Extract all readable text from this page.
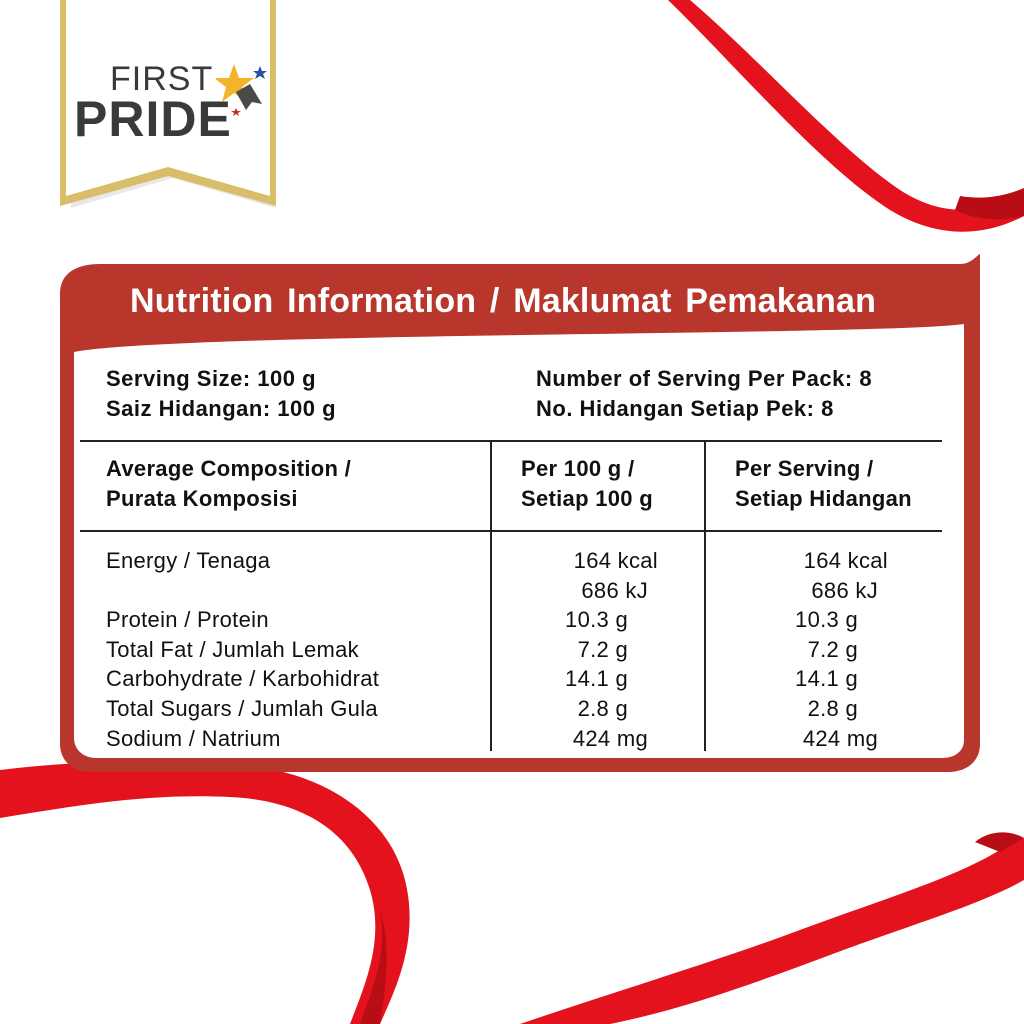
FIRST
PRIDE
Nutrition Information / Maklumat Pemakanan
Serving Size: 100 g
Saiz Hidangan: 100 g
Number of Serving Per Pack: 8
No. Hidangan Setiap Pek: 8
Average Composition /
Purata Komposisi
Per 100 g /
Setiap 100 g
Per Serving /
Setiap Hidangan
Energy / Tenaga
Protein / Protein
Total Fat / Jumlah Lemak
Carbohydrate / Karbohidrat
Total Sugars / Jumlah Gula
Sodium / Natrium
164 kcal
686 kJ
10.3 g
7.2 g
14.1 g
2.8 g
424 mg
164 kcal
686 kJ
10.3 g
7.2 g
14.1 g
2.8 g
424 mg
